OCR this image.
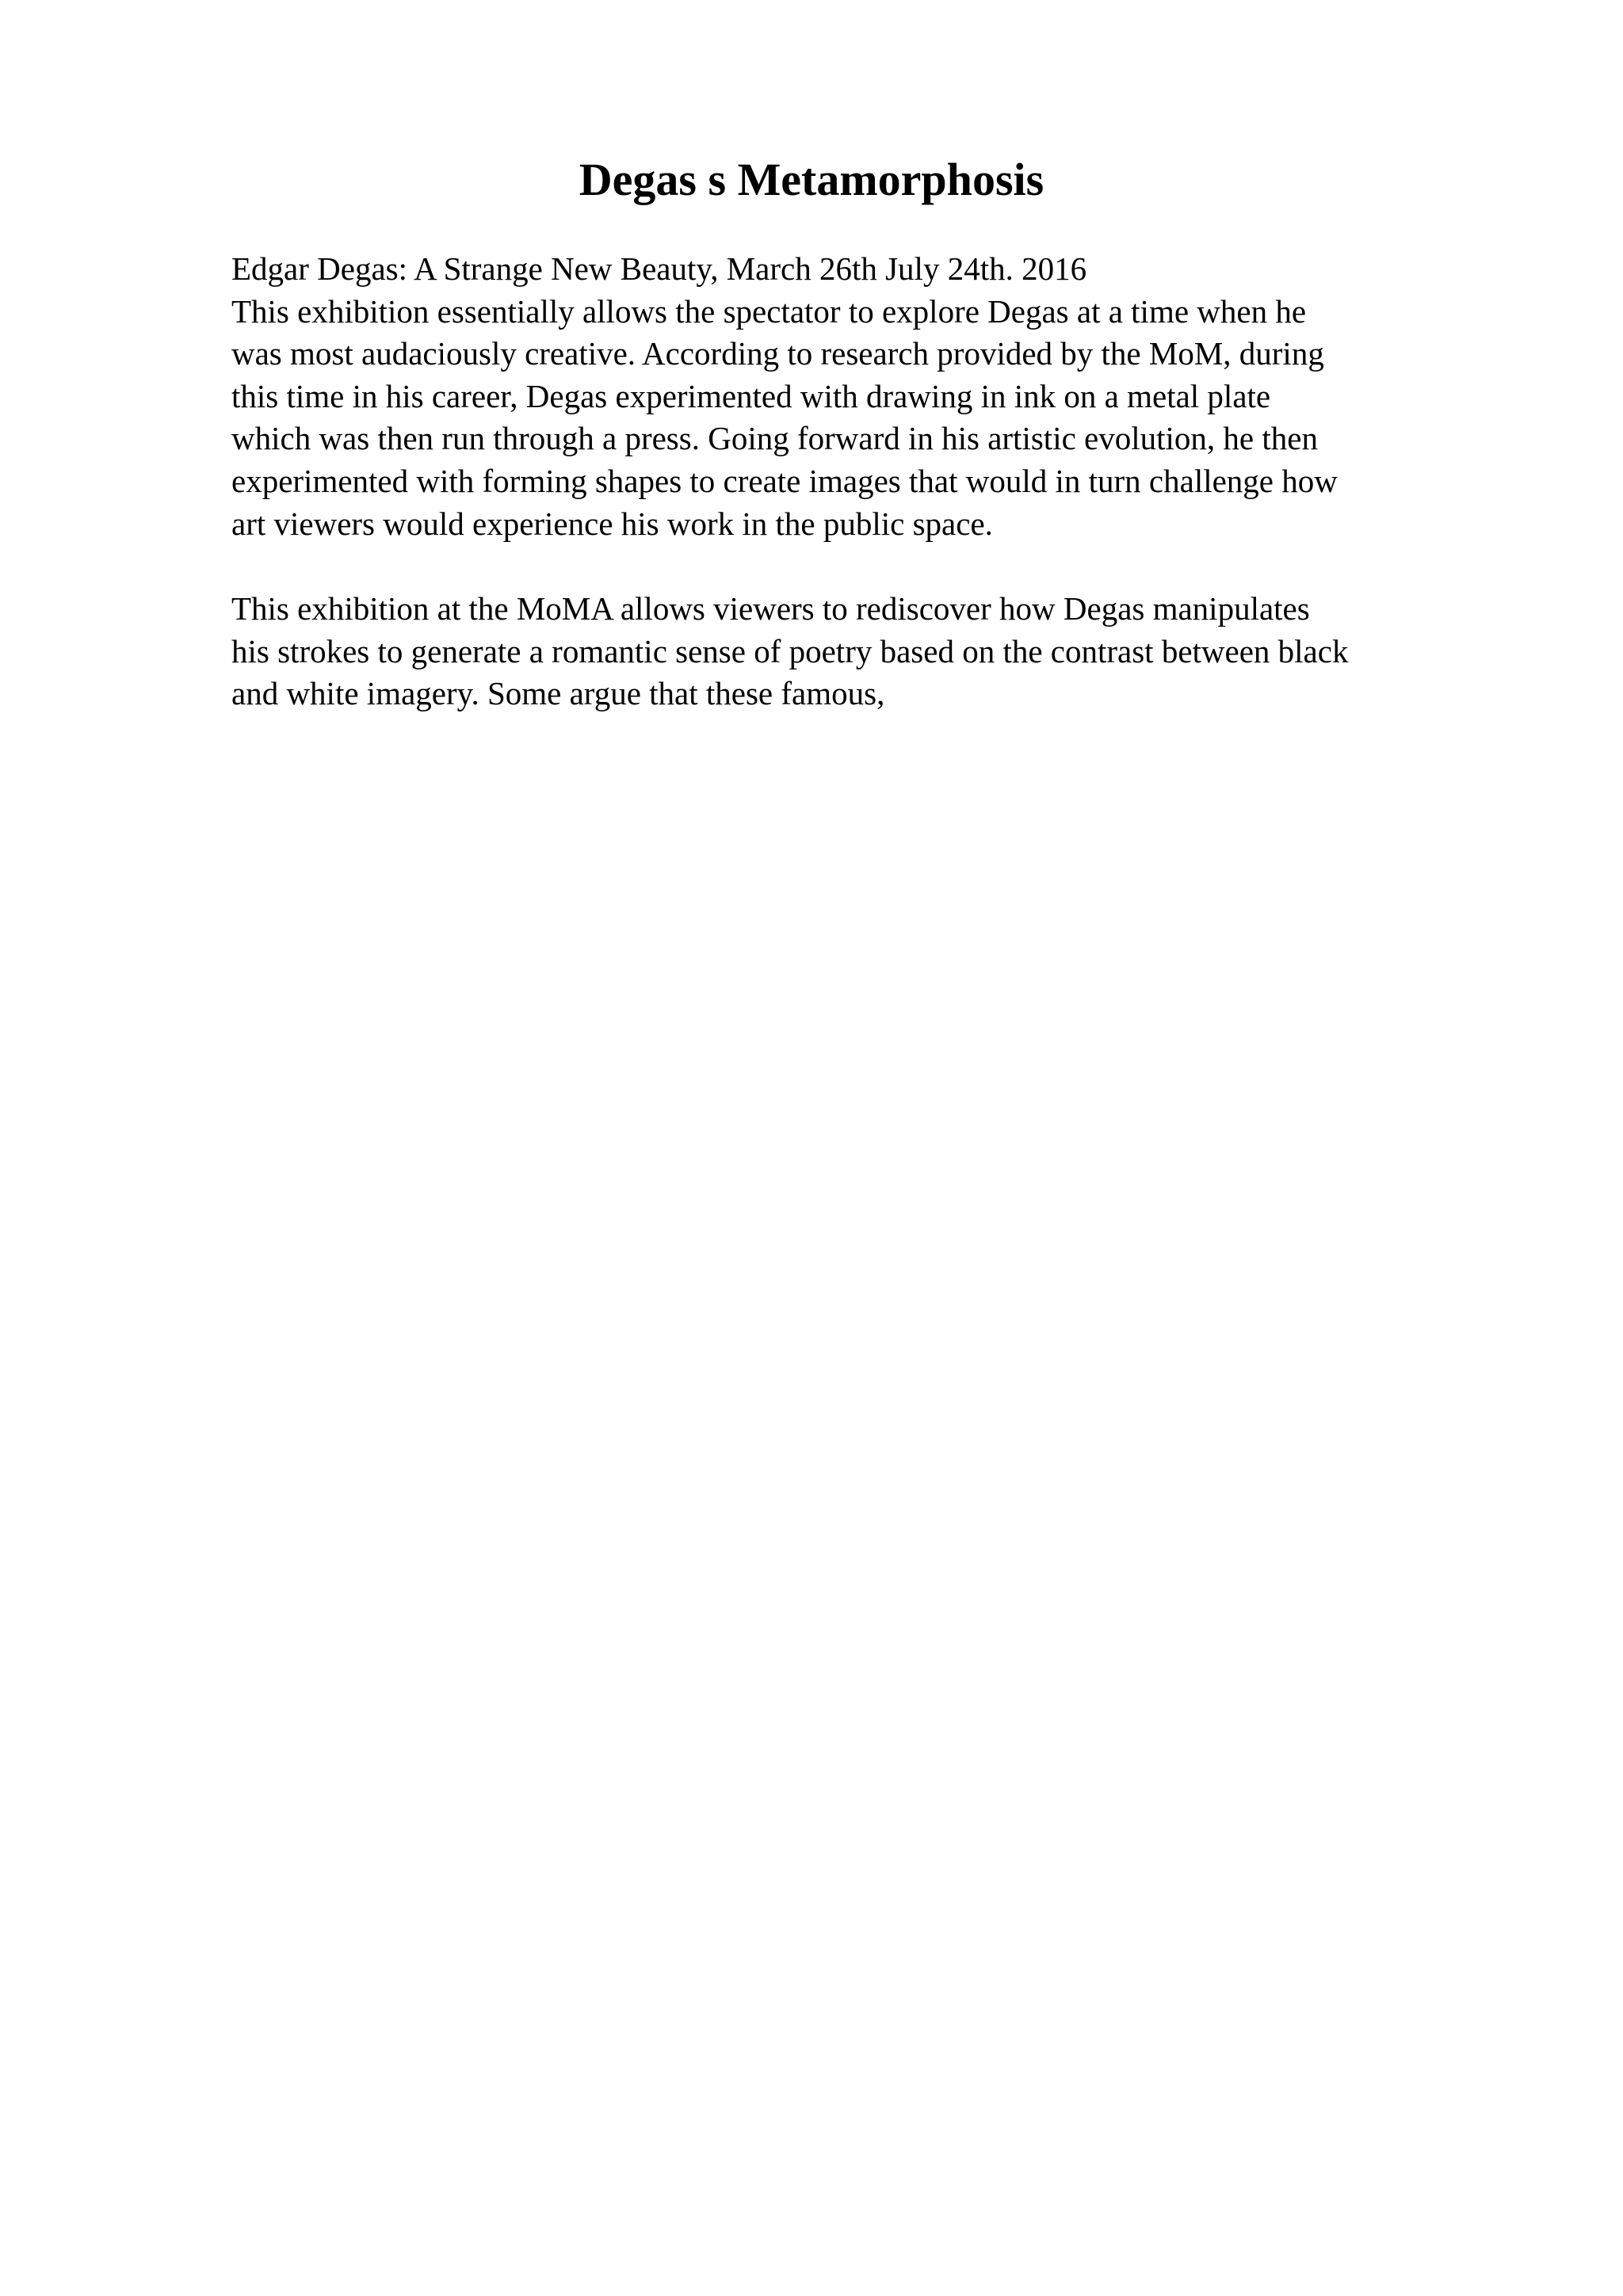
Degas s Metamorphosis
Edgar Degas: A Strange New Beauty, March 26th July 24th. 2016
This exhibition essentially allows the spectator to explore Degas at a time when he
was most audaciously creative. According to research provided by the MoM, during
this time in his career, Degas experimented with drawing in ink on a metal plate
which was then run through a press. Going forward in his artistic evolution, he then
experimented with forming shapes to create images that would in turn challenge how
art viewers would experience his work in the public space.
This exhibition at the MoMA allows viewers to rediscover how Degas manipulates
his strokes to generate a romantic sense of poetry based on the contrast between black
and white imagery. Some argue that these famous,
